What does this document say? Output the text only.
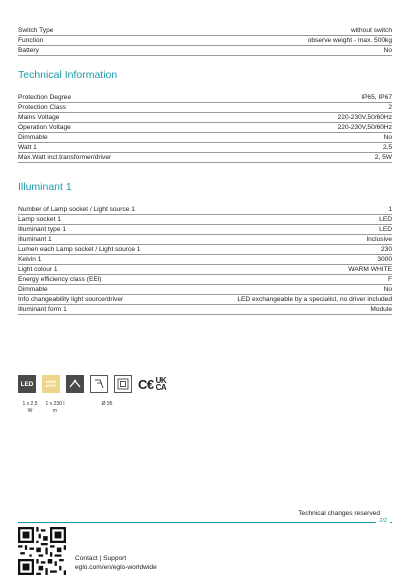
Switch Type	without switch
Function	observe weight - max. 500kg
Battery	No
Technical Information
Protection Degree	IP65, IP67
Protection Class	2
Mains Voltage	220-230V,50/60Hz
Operation Voltage	220-230V,50/60Hz
Dimmable	No
Watt 1	2,5
Max.Watt incl.transformer/driver	2, 5W
Illuminant 1
Number of Lamp socket / Light source 1	1
Lamp socket 1	LED
Illuminant type 1	LED
Illuminant 1	Inclusive
Lumen each Lamp socket / Light source 1	230
Kelvin 1	3000
Light colour 1	WARM WHITE
Energy efficiency class (EEl)	F
Dimmable	No
Info changeability light source/driver	LED exchangeable by a specialist, no driver included
Illuminant form 1	Module
LED	WARM
WHITE	C€ UK
CA
1 x 2,5
W
1 x 230 l
m
Ø 95
Technical changes reserved
2/2
Contact | Support
eglo.com/en/eglo-worldwide
